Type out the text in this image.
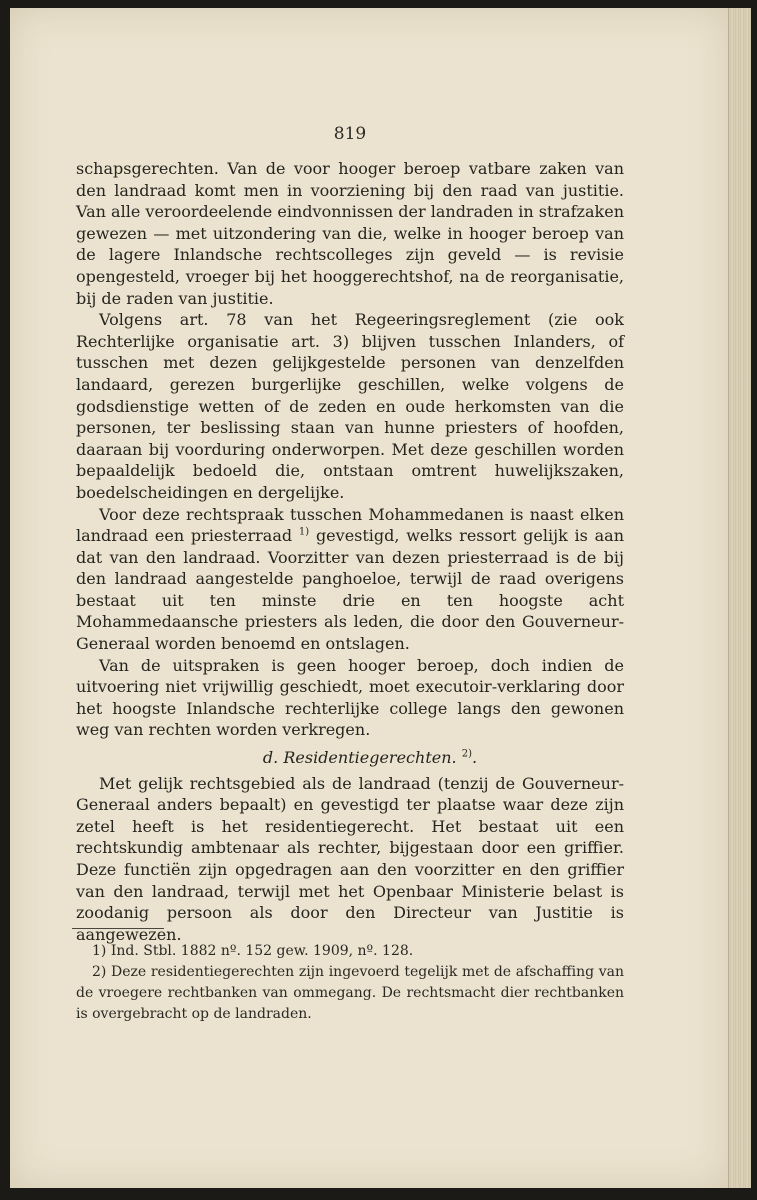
819

schapsgerechten. Van de voor hooger beroep vatbare zaken van den landraad komt men in voorziening bij den raad van justitie. Van alle veroordeelende eindvonnissen der landraden in strafzaken gewezen — met uitzondering van die, welke in hooger beroep van de lagere Inlandsche rechtscolleges zijn geveld — is revisie opengesteld, vroeger bij het hooggerechtshof, na de reorganisatie, bij de raden van justitie.

Volgens art. 78 van het Regeeringsreglement (zie ook Rechterlijke organisatie art. 3) blijven tusschen Inlanders, of tusschen met dezen gelijkgestelde personen van denzelfden landaard, gerezen burgerlijke geschillen, welke volgens de godsdienstige wetten of de zeden en oude herkomsten van die personen, ter beslissing staan van hunne priesters of hoofden, daaraan bij voorduring onderworpen. Met deze geschillen worden bepaaldelijk bedoeld die, ontstaan omtrent huwelijkszaken, boedelscheidingen en dergelijke.

Voor deze rechtspraak tusschen Mohammedanen is naast elken landraad een priesterraad $^{1)}$ gevestigd, welks ressort gelijk is aan dat van den landraad. Voorzitter van dezen priesterraad is de bij den landraad aangestelde panghoeloe, terwijl de raad overigens bestaat uit ten minste drie en ten hoogste acht Mohammedaansche priesters als leden, die door den Gouverneur-Generaal worden benoemd en ontslagen.

Van de uitspraken is geen hooger beroep, doch indien de uitvoering niet vrijwillig geschiedt, moet executoir-verklaring door het hoogste Inlandsche rechterlijke college langs den gewonen weg van rechten worden verkregen.

d. Residentiegerechten. $^{2)}$.

Met gelijk rechtsgebied als de landraad (tenzij de Gouverneur-Generaal anders bepaalt) en gevestigd ter plaatse waar deze zijn zetel heeft is het residentiegerecht. Het bestaat uit een rechtskundig ambtenaar als rechter, bijgestaan door een griffier. Deze functiën zijn opgedragen aan den voorzitter en den griffier van den landraad, terwijl met het Openbaar Ministerie belast is zoodanig persoon als door den Directeur van Justitie is aangewezen.

1) Ind. Stbl. 1882 nº. 152 gew. 1909, nº. 128.

2) Deze residentiegerechten zijn ingevoerd tegelijk met de afschaffing van de vroegere rechtbanken van ommegang. De rechtsmacht dier rechtbanken is overgebracht op de landraden.
